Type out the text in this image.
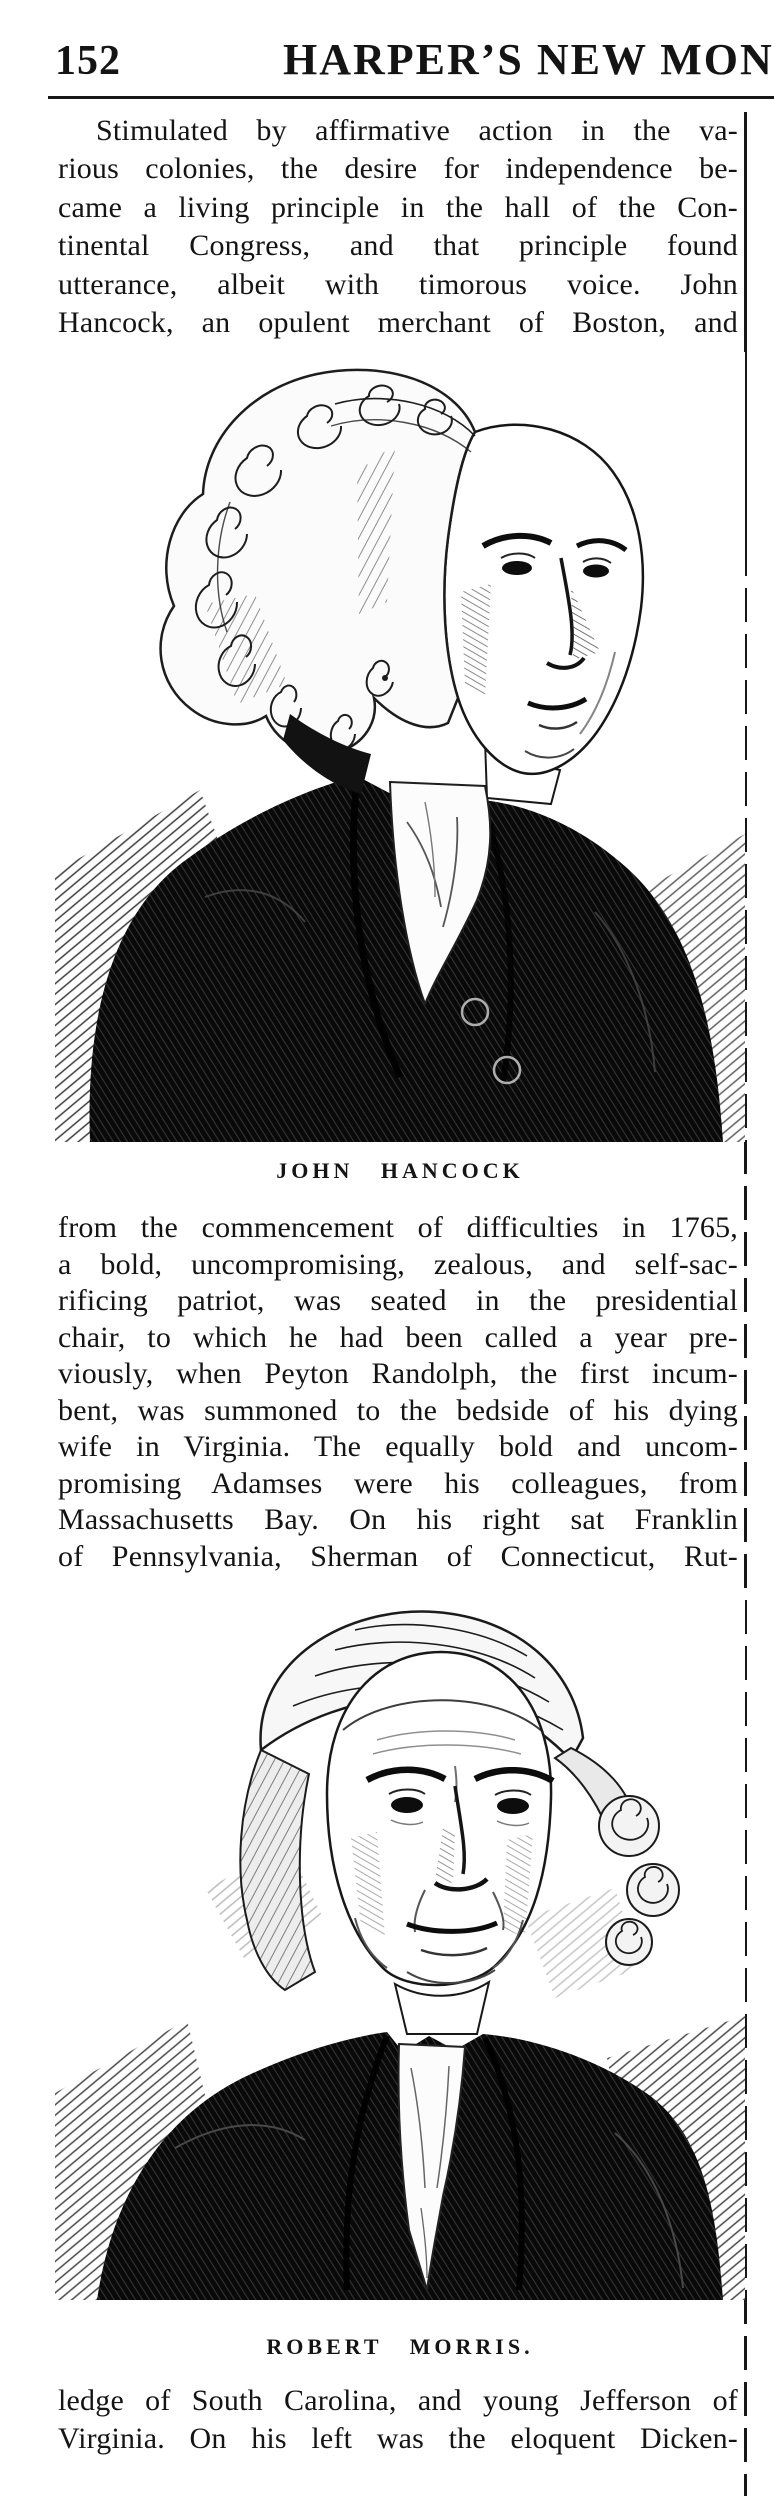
152	HARPER’S NEW MON
Stimulated by affirmative action in the va-
rious colonies, the desire for independence be-
came a living principle in the hall of the Con-
tinental Congress, and that principle found
utterance, albeit with timorous voice. John
Hancock, an opulent merchant of Boston, and
JOHN HANCOCK
from the commencement of difficulties in 1765,
a bold, uncompromising, zealous, and self-sac-
rificing patriot, was seated in the presidential
chair, to which he had been called a year pre-
viously, when Peyton Randolph, the first incum-
bent, was summoned to the bedside of his dying
wife in Virginia. The equally bold and uncom-
promising Adamses were his colleagues, from
Massachusetts Bay. On his right sat Franklin
of Pennsylvania, Sherman of Connecticut, Rut-
ROBERT MORRIS.
ledge of South Carolina, and young Jefferson of
Virginia. On his left was the eloquent Dicken-
